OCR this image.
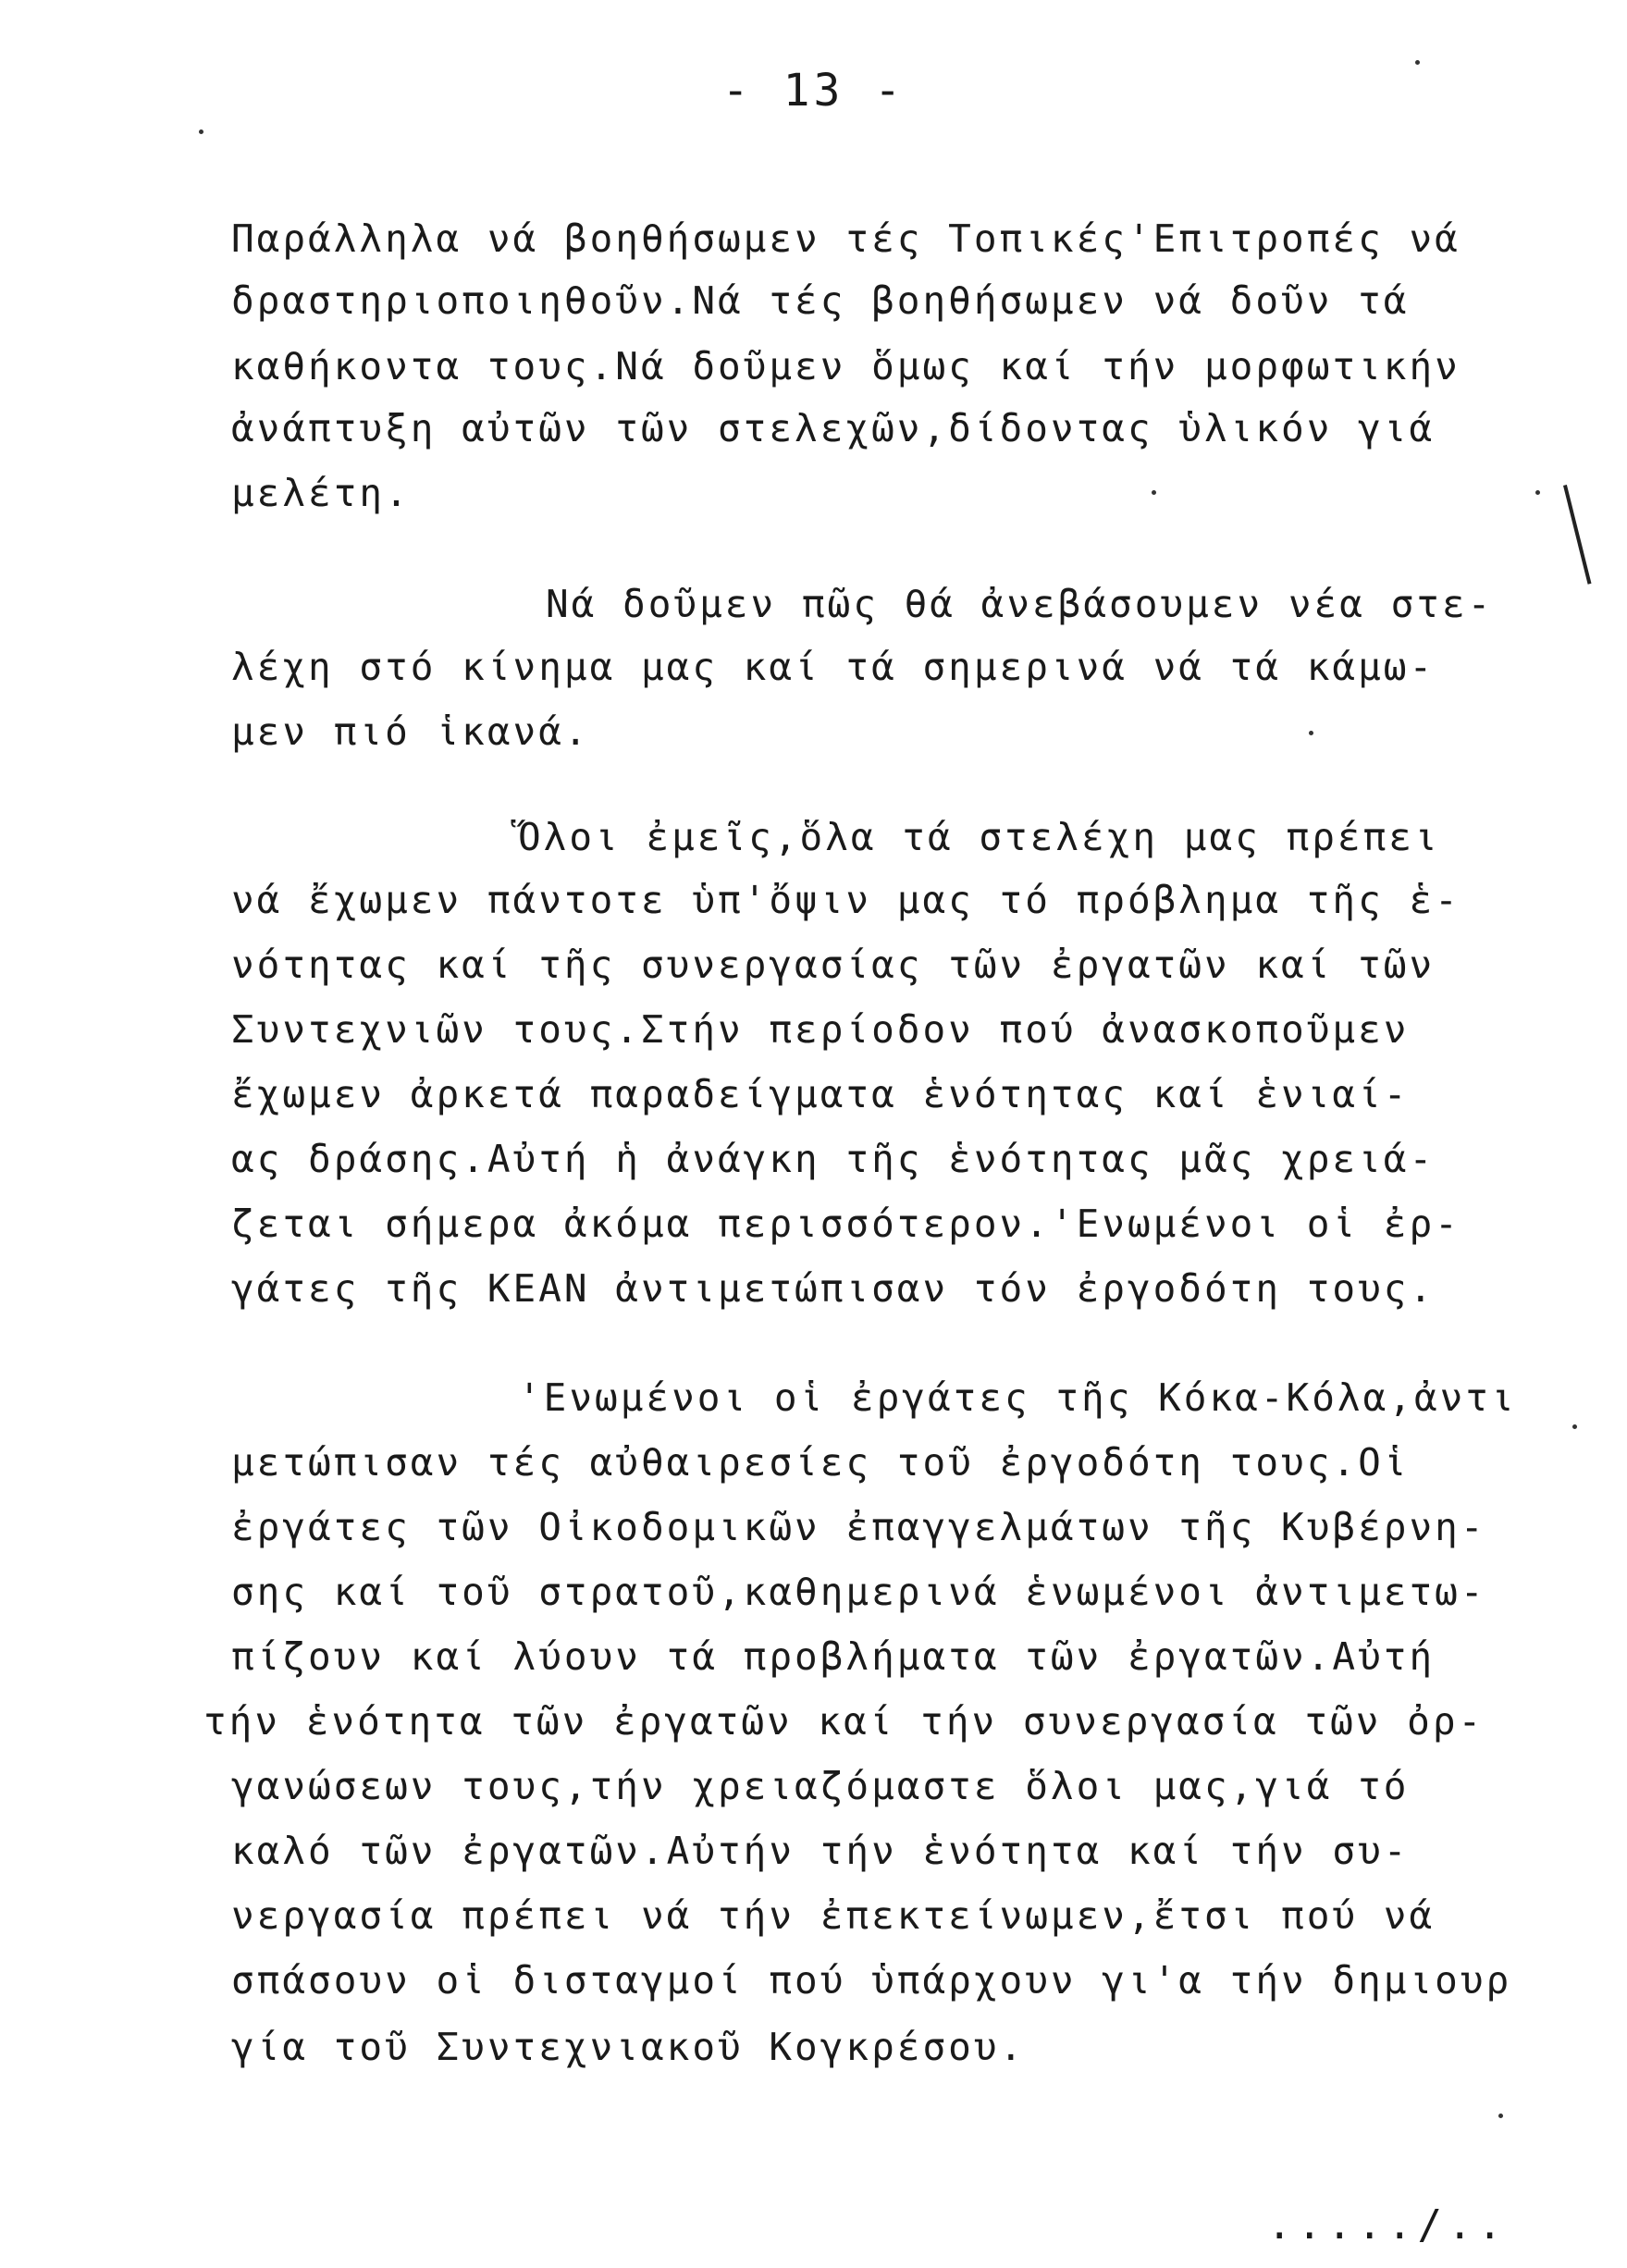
- 13 -
Παράλληλα νά βοηθήσωμεν τές Τοπικές'Επιτροπές νά
δραστηριοποιηθοῦν.Νά τές βοηθήσωμεν νά δοῦν τά
καθήκοντα τους.Νά δοῦμεν ὅμως καί τήν μορφωτικήν
ἀνάπτυξη αὐτῶν τῶν στελεχῶν,δίδοντας ὑλικόν γιά
μελέτη.
Νά δοῦμεν πῶς θά ἀνεβάσουμεν νέα στε-
λέχη στό κίνημα μας καί τά σημερινά νά τά κάμω-
μεν πιό ἱκανά.
Ὅλοι ἐμεῖς,ὅλα τά στελέχη μας πρέπει
νά ἔχωμεν πάντοτε ὑπ'ὄψιν μας τό πρόβλημα τῆς ἑ-
νότητας καί τῆς συνεργασίας τῶν ἐργατῶν καί τῶν
Συντεχνιῶν τους.Στήν περίοδον πού ἀνασκοποῦμεν
ἔχωμεν ἀρκετά παραδείγματα ἑνότητας καί ἑνιαί-
ας δράσης.Αὐτή ἡ ἀνάγκη τῆς ἑνότητας μᾶς χρειά-
ζεται σήμερα ἀκόμα περισσότερον.'Ενωμένοι οἱ ἐρ-
γάτες τῆς KEAN ἀντιμετώπισαν τόν ἐργοδότη τους.
'Ενωμένοι οἱ ἐργάτες τῆς Κόκα-Κόλα,ἀντι
μετώπισαν τές αὐθαιρεσίες τοῦ ἐργοδότη τους.Οἱ
ἐργάτες τῶν Οἰκοδομικῶν ἐπαγγελμάτων τῆς Κυβέρνη-
σης καί τοῦ στρατοῦ,καθημερινά ἑνωμένοι ἀντιμετω-
πίζουν καί λύουν τά προβλήματα τῶν ἐργατῶν.Αὐτή
τήν ἑνότητα τῶν ἐργατῶν καί τήν συνεργασία τῶν ὀρ-
γανώσεων τους,τήν χρειαζόμαστε ὅλοι μας,γιά τό
καλό τῶν ἐργατῶν.Αὐτήν τήν ἑνότητα καί τήν συ-
νεργασία πρέπει νά τήν ἐπεκτείνωμεν,ἔτσι πού νά
σπάσουν οἱ δισταγμοί πού ὑπάρχουν γι'α τήν δημιουρ
γία τοῦ Συντεχνιακοῦ Κογκρέσου.
...../..
